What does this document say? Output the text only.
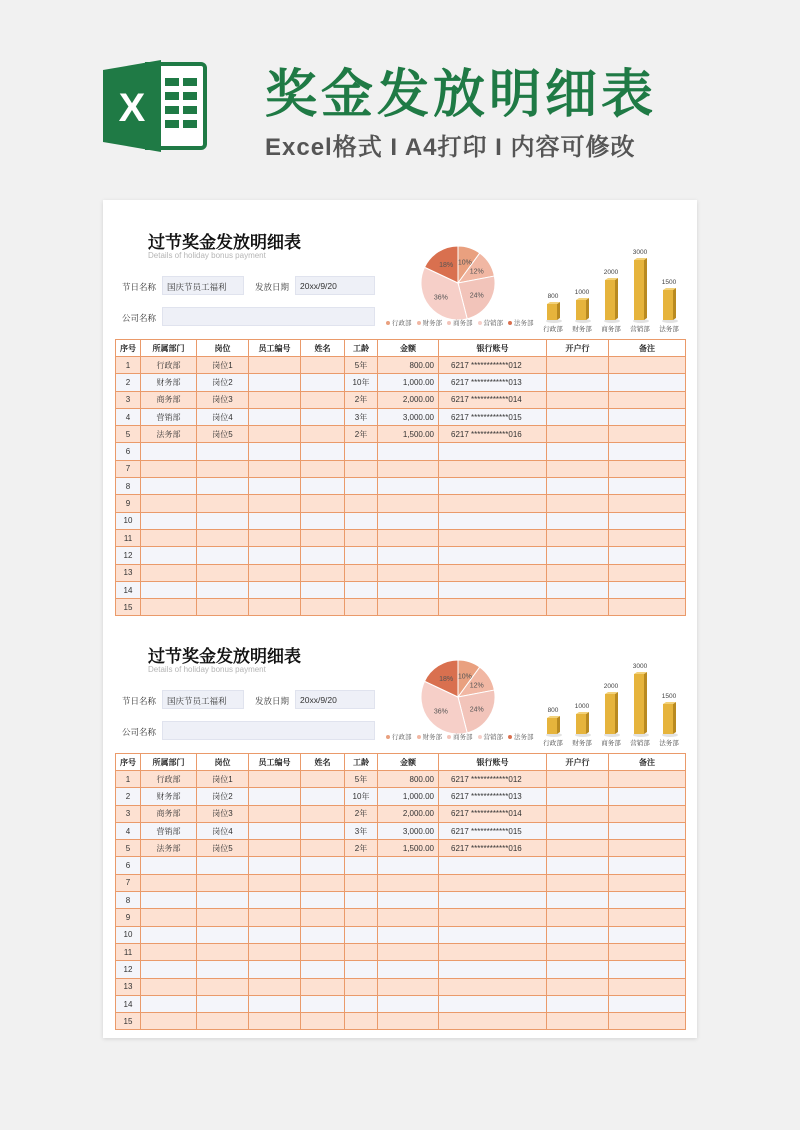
X 奖金发放明细表
Excel格式 I A4打印 I 内容可修改
过节奖金发放明细表
Details of holiday bonus payment
节日名称	国庆节员工福利	发放日期	20xx/9/20
公司名称
10%
12%
24%
36%
18%
行政部 财务部 商务部 营销部 法务部
800
行政部
1000
财务部
2000
商务部
3000
营销部
1500
法务部
序号	所属部门	岗位	员工编号	姓名	工龄	金额	银行账号	开户行	备注
1	行政部	岗位1			5年	800.00	6217 ************012		
2	财务部	岗位2			10年	1,000.00	6217 ************013		
3	商务部	岗位3			2年	2,000.00	6217 ************014		
4	营销部	岗位4			3年	3,000.00	6217 ************015		
5	法务部	岗位5			2年	1,500.00	6217 ************016		
6									
7									
8									
9									
10									
11									
12									
13									
14									
15									
过节奖金发放明细表
Details of holiday bonus payment
节日名称	国庆节员工福利	发放日期	20xx/9/20
公司名称
10%
12%
24%
36%
18%
行政部 财务部 商务部 营销部 法务部
800
行政部
1000
财务部
2000
商务部
3000
营销部
1500
法务部
序号	所属部门	岗位	员工编号	姓名	工龄	金额	银行账号	开户行	备注
1	行政部	岗位1			5年	800.00	6217 ************012		
2	财务部	岗位2			10年	1,000.00	6217 ************013		
3	商务部	岗位3			2年	2,000.00	6217 ************014		
4	营销部	岗位4			3年	3,000.00	6217 ************015		
5	法务部	岗位5			2年	1,500.00	6217 ************016		
6									
7									
8									
9									
10									
11									
12									
13									
14									
15									
